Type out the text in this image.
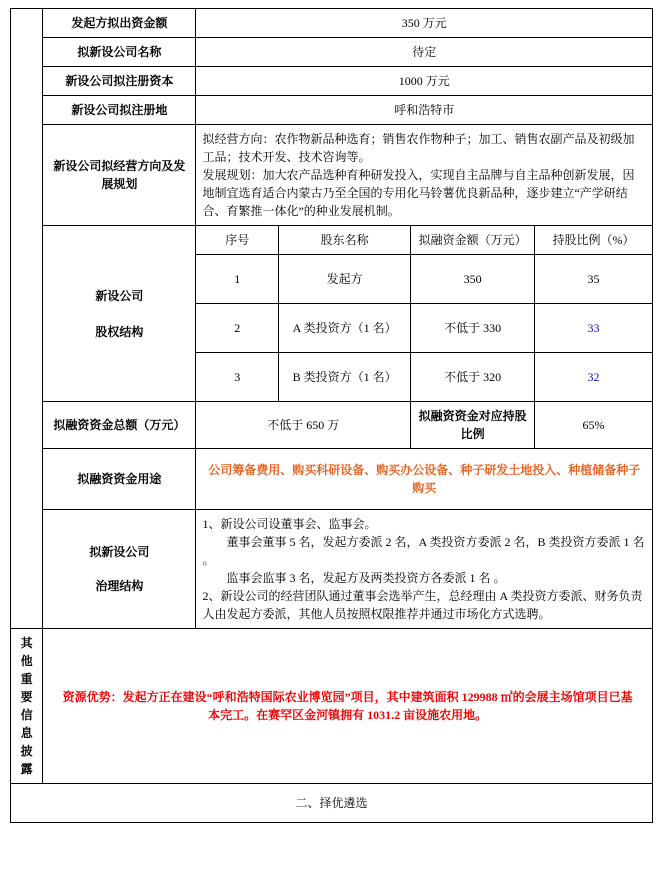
	发起方拟出资金额	350 万元			
	拟新设公司名称	待定			
	新设公司拟注册资本	1000 万元			
	新设公司拟注册地	呼和浩特市			
	新设公司拟经营方向及发展规划	拟经营方向：农作物新品种选育；销售农作物种子；加工、销售农副产品及初级加工品；技术开发、技术咨询等。

发展规划：加大农产品选种育种研发投入，实现自主品牌与自主品种创新发展，因地制宜选育适合内蒙古乃至全国的专用化马铃薯优良新品种，逐步建立“产学研结合、育繁推一体化”的种业发展机制。			

	新设公司
股权结构	序号	股东名称	拟融资金额（万元）	持股比例（%）
		1	发起方	350	35
		2	A 类投资方（1 名）	不低于 330	33
		3	B 类投资方（1 名）	不低于 320	32
	拟融资资金总额（万元）	不低于 650 万		拟融资资金对应持股比例	65%
	拟融资资金用途	公司筹备费用、购买科研设备、购买办公设备、种子研发土地投入、种植储备种子购买			

拟新设公司
治理结构

1、新设公司设董事会、监事会。

董事会董事 5 名，发起方委派 2 名，A 类投资方委派 2 名，B 类投资方委派 1 名 。

监事会监事 3 名，发起方及两类投资方各委派 1 名 。

2、新设公司的经营团队通过董事会选举产生，总经理由 A 类投资方委派、财务负责人由发起方委派，其他人员按照权限推荐并通过市场化方式选聘。

其他重要信息披露	资源优势：发起方正在建设“呼和浩特国际农业博览园”项目，其中建筑面积 129988 ㎡的会展主场馆项目已基本完工。在赛罕区金河镇拥有 1031.2 亩设施农用地。				
二、择优遴选					
